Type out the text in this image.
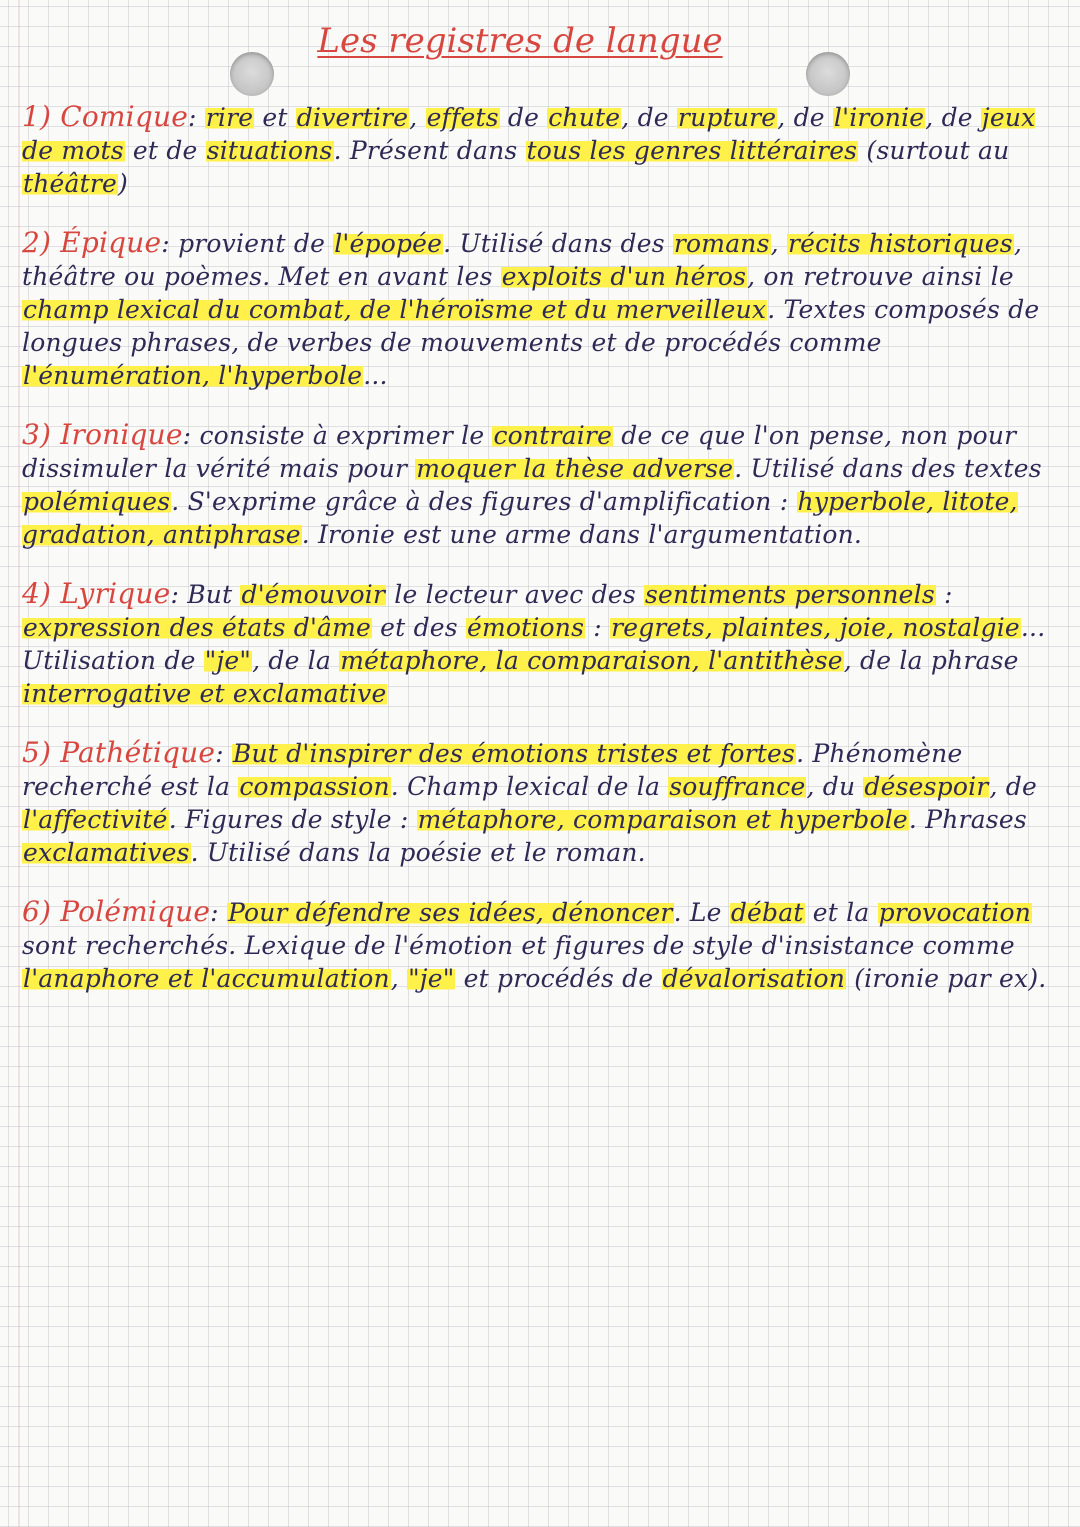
Les registres de langue
1) Comique: rire et divertire, effets de chute, de rupture, de l'ironie, de jeux de mots et de situations. Présent dans tous les genres littéraires (surtout au théâtre)
2) Épique: provient de l'épopée. Utilisé dans des romans, récits historiques, théâtre ou poèmes. Met en avant les exploits d'un héros, on retrouve ainsi le champ lexical du combat, de l'héroïsme et du merveilleux. Textes composés de longues phrases, de verbes de mouvements et de procédés comme l'énumération, l'hyperbole...
3) Ironique: consiste à exprimer le contraire de ce que l'on pense, non pour dissimuler la vérité mais pour moquer la thèse adverse. Utilisé dans des textes polémiques. S'exprime grâce à des figures d'amplification : hyperbole, litote, gradation, antiphrase. Ironie est une arme dans l'argumentation.
4) Lyrique: But d'émouvoir le lecteur avec des sentiments personnels : expression des états d'âme et des émotions : regrets, plaintes, joie, nostalgie... Utilisation de "je", de la métaphore, la comparaison, l'antithèse, de la phrase interrogative et exclamative
5) Pathétique: But d'inspirer des émotions tristes et fortes. Phénomène recherché est la compassion. Champ lexical de la souffrance, du désespoir, de l'affectivité. Figures de style : métaphore, comparaison et hyperbole. Phrases exclamatives. Utilisé dans la poésie et le roman.
6) Polémique: Pour défendre ses idées, dénoncer. Le débat et la provocation sont recherchés. Lexique de l'émotion et figures de style d'insistance comme l'anaphore et l'accumulation, "je" et procédés de dévalorisation (ironie par ex).
